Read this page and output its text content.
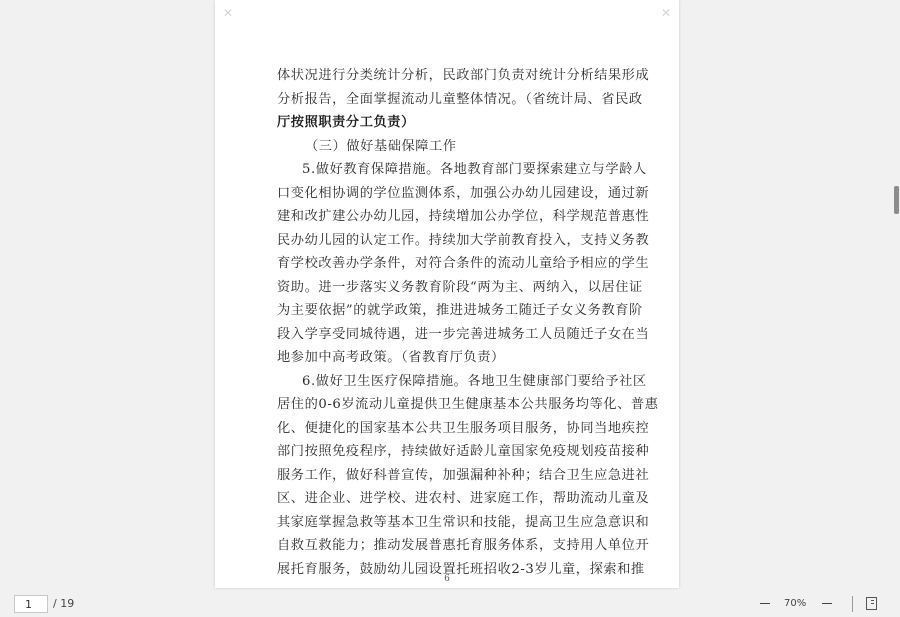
✕	✕
体状况进行分类统计分析，民政部门负责对统计分析结果形成
分析报告，全面掌握流动儿童整体情况。（省统计局、省民政
厅按照职责分工负责）
（三）做好基础保障工作
5.做好教育保障措施。各地教育部门要探索建立与学龄人
口变化相协调的学位监测体系，加强公办幼儿园建设，通过新
建和改扩建公办幼儿园，持续增加公办学位，科学规范普惠性
民办幼儿园的认定工作。持续加大学前教育投入，支持义务教
育学校改善办学条件，对符合条件的流动儿童给予相应的学生
资助。进一步落实义务教育阶段“两为主、两纳入，以居住证
为主要依据”的就学政策，推进进城务工随迁子女义务教育阶
段入学享受同城待遇，进一步完善进城务工人员随迁子女在当
地参加中高考政策。（省教育厅负责）
6.做好卫生医疗保障措施。各地卫生健康部门要给予社区
居住的0-6岁流动儿童提供卫生健康基本公共服务均等化、普惠
化、便捷化的国家基本公共卫生服务项目服务，协同当地疾控
部门按照免疫程序，持续做好适龄儿童国家免疫规划疫苗接种
服务工作，做好科普宣传，加强漏种补种；结合卫生应急进社
区、进企业、进学校、进农村、进家庭工作，帮助流动儿童及
其家庭掌握急救等基本卫生常识和技能，提高卫生应急意识和
自救互救能力；推动发展普惠托育服务体系，支持用人单位开
展托育服务，鼓励幼儿园设置托班招收2-3岁儿童，探索和推
6
1
/ 19	70%
